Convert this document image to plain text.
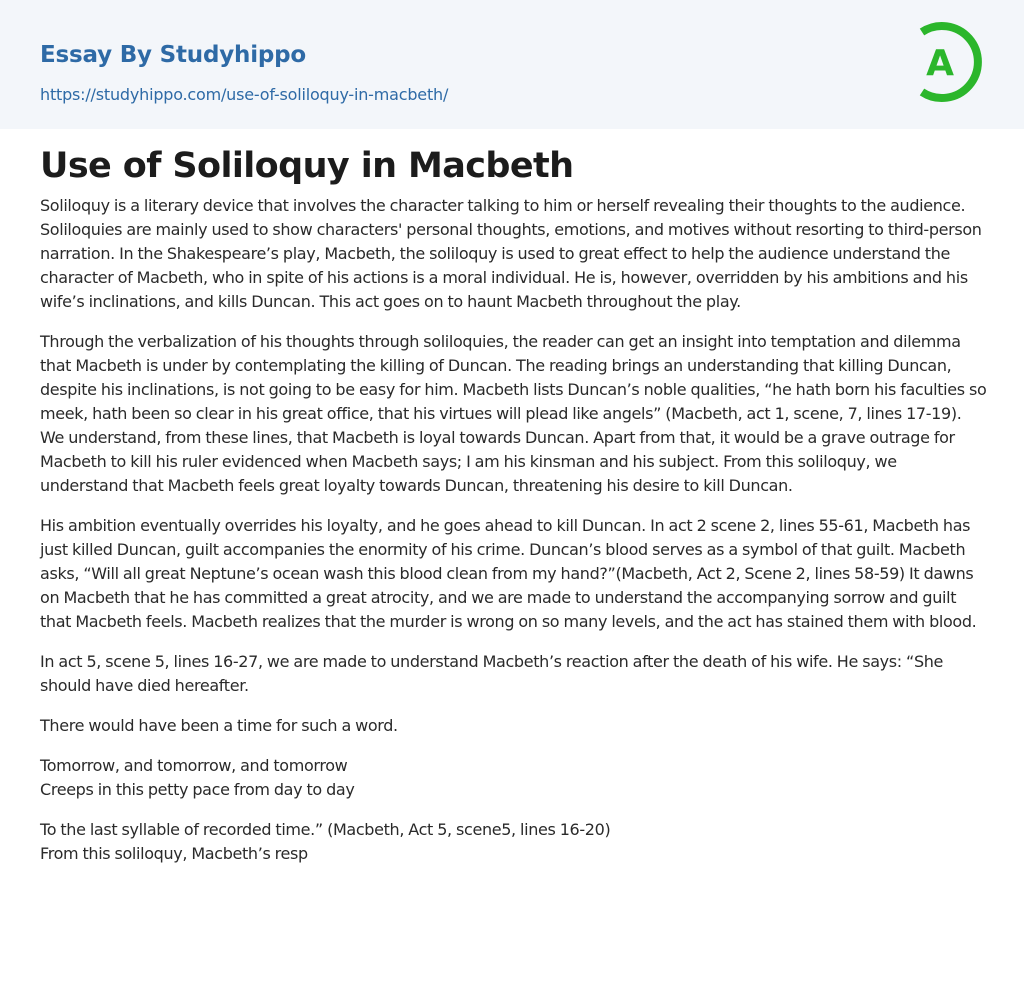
Essay By Studyhippo
https://studyhippo.com/use-of-soliloquy-in-macbeth/
A
Use of Soliloquy in Macbeth

Soliloquy is a literary device that involves the character talking to him or herself revealing their thoughts to the audience. Soliloquies are mainly used to show characters' personal thoughts, emotions, and motives without resorting to third-person narration. In the Shakespeare’s play, Macbeth, the soliloquy is used to great effect to help the audience understand the character of Macbeth, who in spite of his actions is a moral individual. He is, however, overridden by his ambitions and his wife’s inclinations, and kills Duncan. This act goes on to haunt Macbeth throughout the play.

Through the verbalization of his thoughts through soliloquies, the reader can get an insight into temptation and dilemma that Macbeth is under by contemplating the killing of Duncan. The reading brings an understanding that killing Duncan, despite his inclinations, is not going to be easy for him. Macbeth lists Duncan’s noble qualities, “he hath born his faculties so meek, hath been so clear in his great office, that his virtues will plead like angels” (Macbeth, act 1, scene, 7, lines 17-19). We understand, from these lines, that Macbeth is loyal towards Duncan. Apart from that, it would be a grave outrage for Macbeth to kill his ruler evidenced when Macbeth says; I am his kinsman and his subject. From this soliloquy, we understand that Macbeth feels great loyalty towards Duncan, threatening his desire to kill Duncan.

His ambition eventually overrides his loyalty, and he goes ahead to kill Duncan. In act 2 scene 2, lines 55-61, Macbeth has just killed Duncan, guilt accompanies the enormity of his crime. Duncan’s blood serves as a symbol of that guilt. Macbeth asks, “Will all great Neptune’s ocean wash this blood clean from my hand?”(Macbeth, Act 2, Scene 2, lines 58-59) It dawns on Macbeth that he has committed a great atrocity, and we are made to understand the accompanying sorrow and guilt that Macbeth feels. Macbeth realizes that the murder is wrong on so many levels, and the act has stained them with blood.

In act 5, scene 5, lines 16-27, we are made to understand Macbeth’s reaction after the death of his wife. He says: “She should have died hereafter.

There would have been a time for such a word.

Tomorrow, and tomorrow, and tomorrow
Creeps in this petty pace from day to day

To the last syllable of recorded time.” (Macbeth, Act 5, scene5, lines 16-20)
From this soliloquy, Macbeth’s resp
